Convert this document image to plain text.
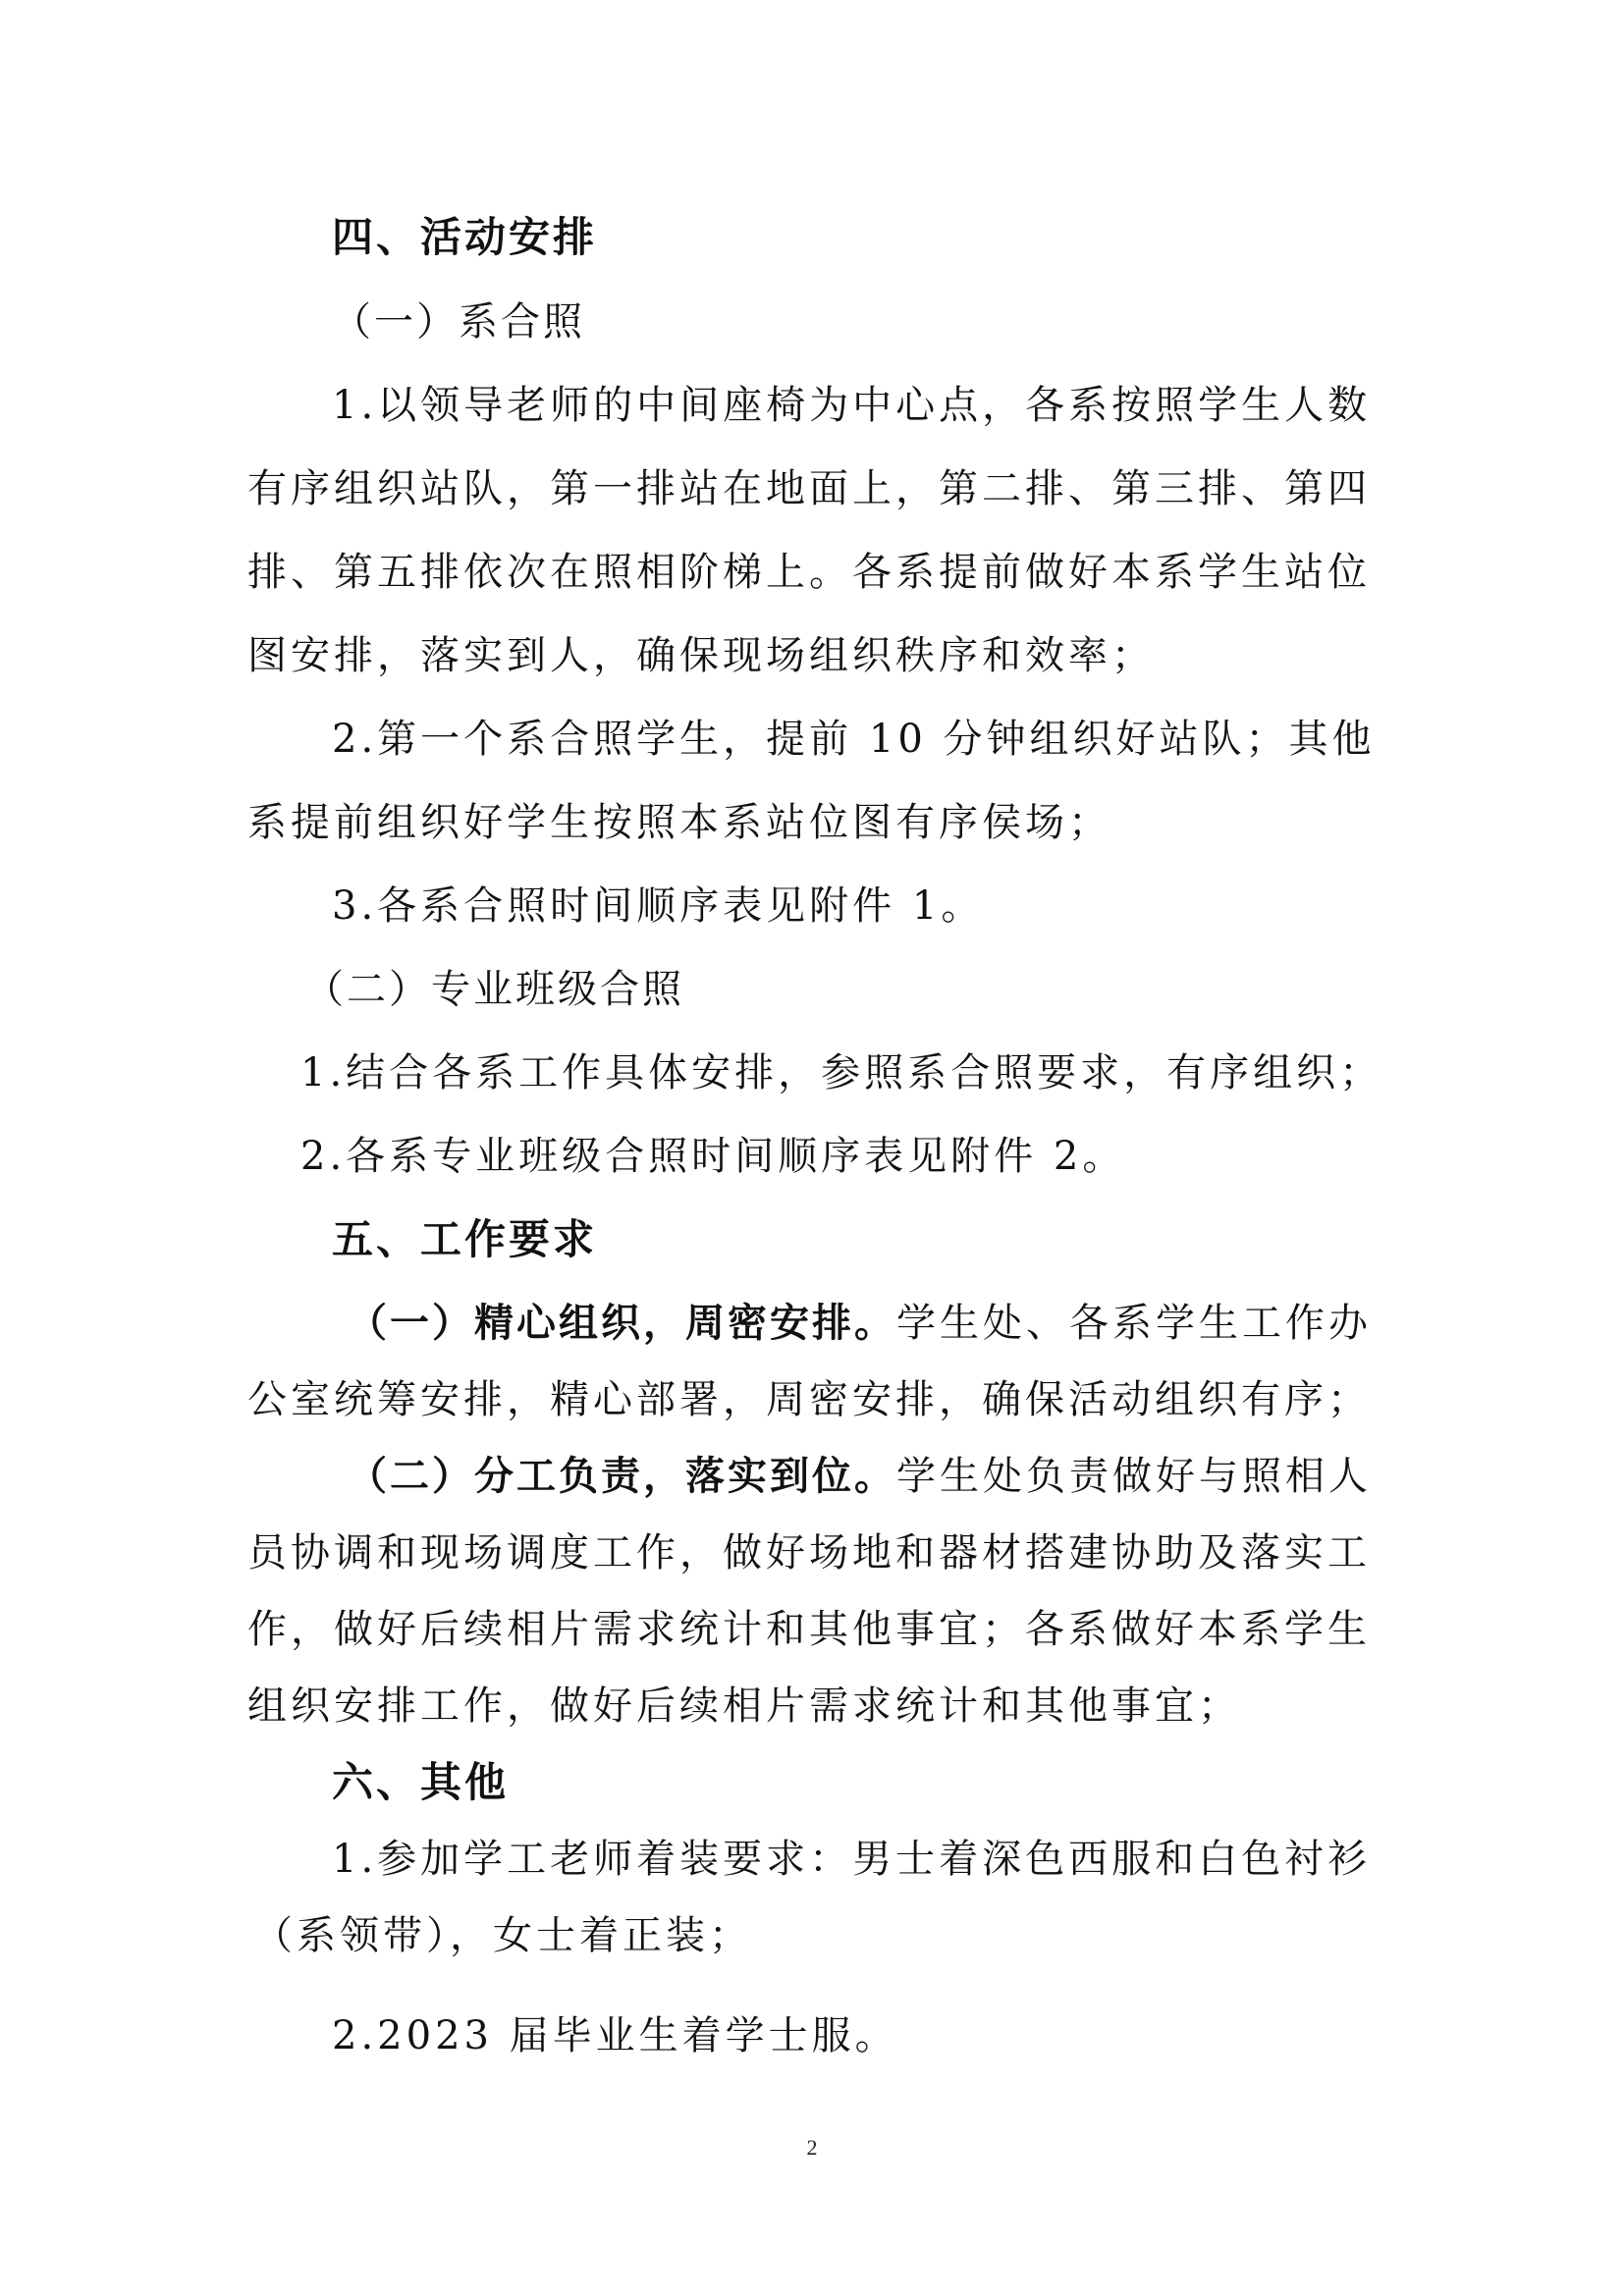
四、活动安排
（一）系合照
1.以领导老师的中间座椅为中心点，各系按照学生人数
有序组织站队，第一排站在地面上，第二排、第三排、第四
排、第五排依次在照相阶梯上。各系提前做好本系学生站位
图安排，落实到人，确保现场组织秩序和效率；
2.第一个系合照学生，提前 10 分钟组织好站队；其他
系提前组织好学生按照本系站位图有序侯场；
3.各系合照时间顺序表见附件 1。
（二）专业班级合照
1.结合各系工作具体安排，参照系合照要求，有序组织；
2.各系专业班级合照时间顺序表见附件 2。
五、工作要求
（一）精心组织，周密安排。学生处、各系学生工作办
公室统筹安排，精心部署，周密安排，确保活动组织有序；
（二）分工负责，落实到位。学生处负责做好与照相人
员协调和现场调度工作，做好场地和器材搭建协助及落实工
作，做好后续相片需求统计和其他事宜；各系做好本系学生
组织安排工作，做好后续相片需求统计和其他事宜；
六、其他
1.参加学工老师着装要求：男士着深色西服和白色衬衫
（系领带），女士着正装；
2.2023 届毕业生着学士服。
2
